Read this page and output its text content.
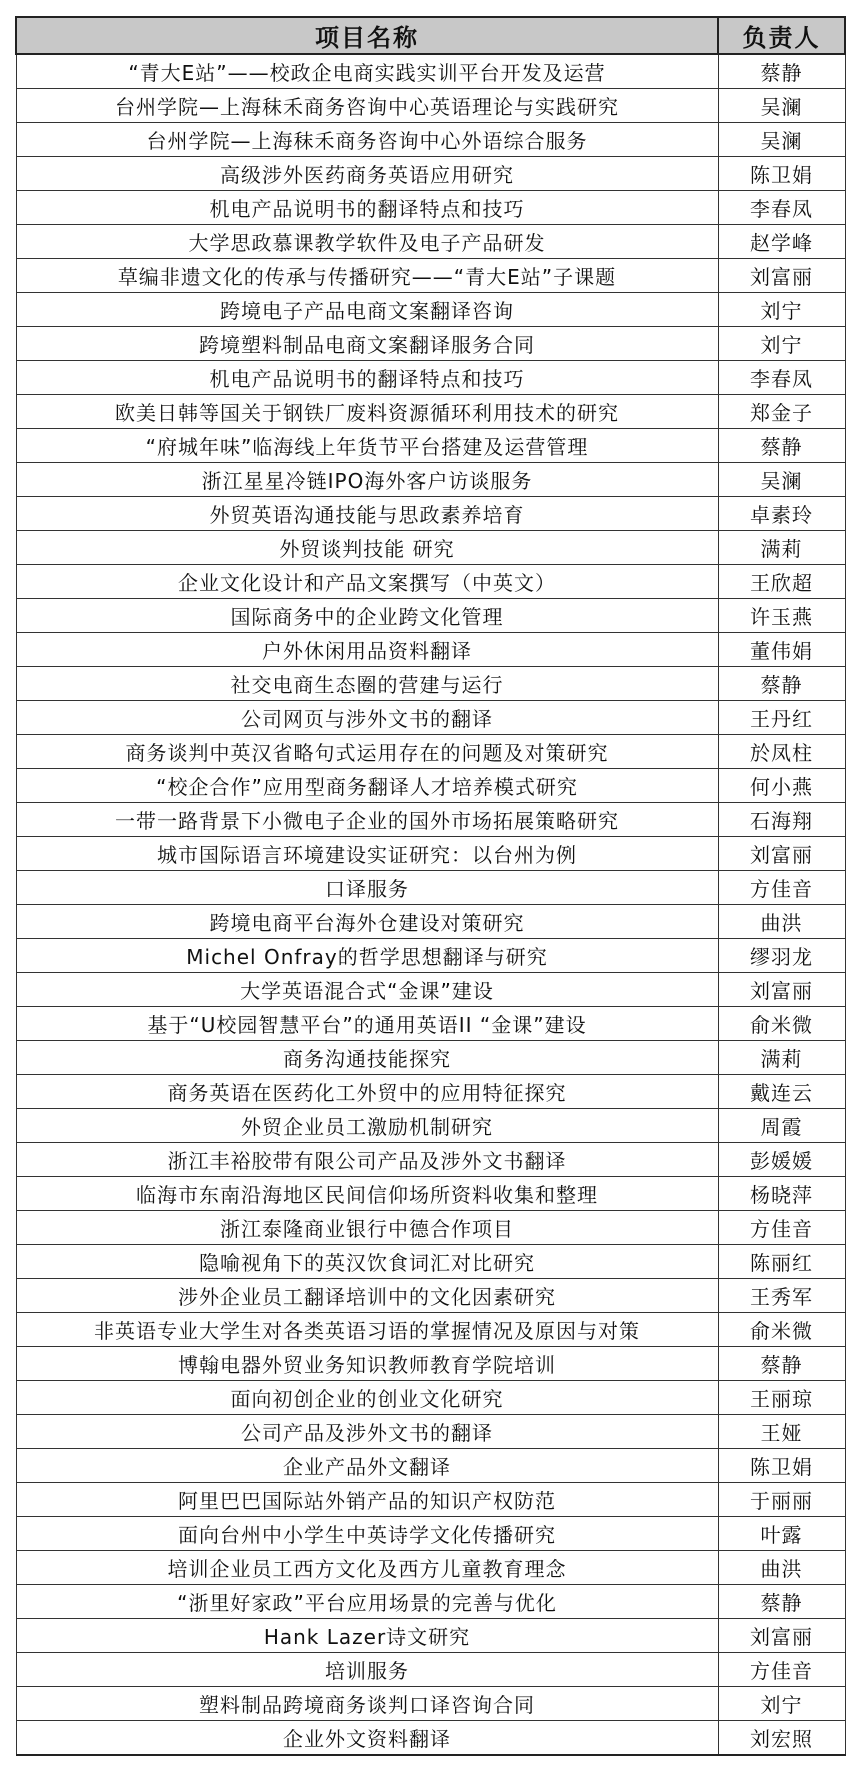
项目名称	负责人
“青大E站”——校政企电商实践实训平台开发及运营	蔡静
台州学院—上海秣禾商务咨询中心英语理论与实践研究	吴澜
台州学院—上海秣禾商务咨询中心外语综合服务	吴澜
高级涉外医药商务英语应用研究	陈卫娟
机电产品说明书的翻译特点和技巧	李春凤
大学思政慕课教学软件及电子产品研发	赵学峰
草编非遗文化的传承与传播研究——“青大E站”子课题	刘富丽
跨境电子产品电商文案翻译咨询	刘宁
跨境塑料制品电商文案翻译服务合同	刘宁
机电产品说明书的翻译特点和技巧	李春凤
欧美日韩等国关于钢铁厂废料资源循环利用技术的研究	郑金子
“府城年味”临海线上年货节平台搭建及运营管理	蔡静
浙江星星冷链IPO海外客户访谈服务	吴澜
外贸英语沟通技能与思政素养培育	卓素玲
外贸谈判技能 研究	满莉
企业文化设计和产品文案撰写（中英文）	王欣超
国际商务中的企业跨文化管理	许玉燕
户外休闲用品资料翻译	董伟娟
社交电商生态圈的营建与运行	蔡静
公司网页与涉外文书的翻译	王丹红
商务谈判中英汉省略句式运用存在的问题及对策研究	於凤柱
“校企合作”应用型商务翻译人才培养模式研究	何小燕
一带一路背景下小微电子企业的国外市场拓展策略研究	石海翔
城市国际语言环境建设实证研究：以台州为例	刘富丽
口译服务	方佳音
跨境电商平台海外仓建设对策研究	曲洪
Michel Onfray的哲学思想翻译与研究	缪羽龙
大学英语混合式“金课”建设	刘富丽
基于“U校园智慧平台”的通用英语II “金课”建设	俞米微
商务沟通技能探究	满莉
商务英语在医药化工外贸中的应用特征探究	戴连云
外贸企业员工激励机制研究	周霞
浙江丰裕胶带有限公司产品及涉外文书翻译	彭媛媛
临海市东南沿海地区民间信仰场所资料收集和整理	杨晓萍
浙江泰隆商业银行中德合作项目	方佳音
隐喻视角下的英汉饮食词汇对比研究	陈丽红
涉外企业员工翻译培训中的文化因素研究	王秀军
非英语专业大学生对各类英语习语的掌握情况及原因与对策	俞米微
博翰电器外贸业务知识教师教育学院培训	蔡静
面向初创企业的创业文化研究	王丽琼
公司产品及涉外文书的翻译	王娅
企业产品外文翻译	陈卫娟
阿里巴巴国际站外销产品的知识产权防范	于丽丽
面向台州中小学生中英诗学文化传播研究	叶露
培训企业员工西方文化及西方儿童教育理念	曲洪
“浙里好家政”平台应用场景的完善与优化	蔡静
Hank Lazer诗文研究	刘富丽
培训服务	方佳音
塑料制品跨境商务谈判口译咨询合同	刘宁
企业外文资料翻译	刘宏照
